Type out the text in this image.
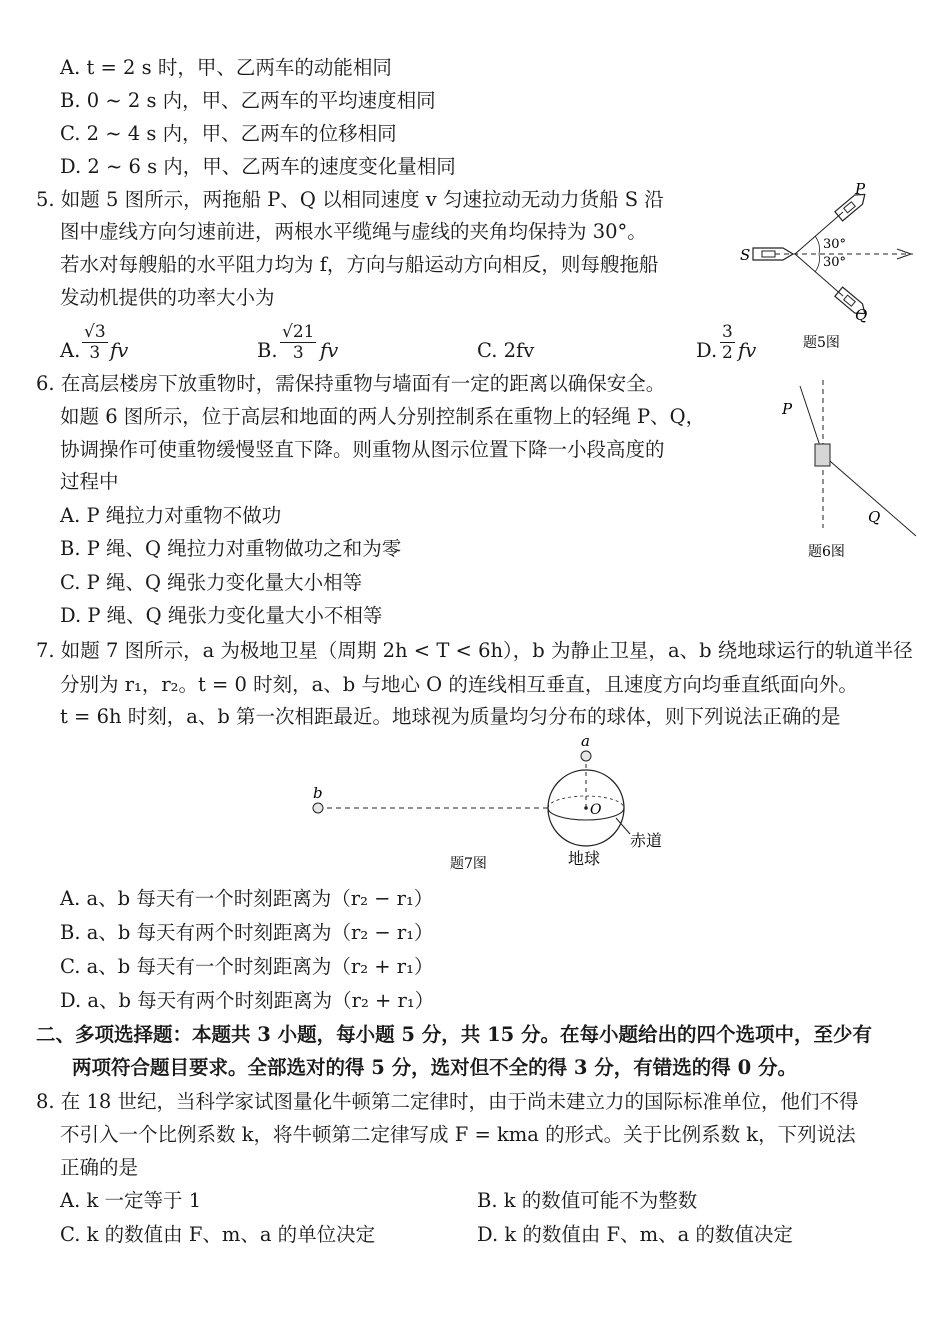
A. t = 2 s 时，甲、乙两车的动能相同
B. 0 ~ 2 s 内，甲、乙两车的平均速度相同
C. 2 ~ 4 s 内，甲、乙两车的位移相同
D. 2 ~ 6 s 内，甲、乙两车的速度变化量相同
5. 如题 5 图所示，两拖船 P、Q 以相同速度 v 匀速拉动无动力货船 S 沿
图中虚线方向匀速前进，两根水平缆绳与虚线的夹角均保持为 30°。
若水对每艘船的水平阻力均为 f，方向与船运动方向相反，则每艘拖船
发动机提供的功率大小为
A. $\frac{√3}{3}$ fv	B. $\frac{√21}{3}$ fv	C. 2fv	D. $\frac{3}{2}$ fv
P
Q
S
30°
30°
题5图
6. 在高层楼房下放重物时，需保持重物与墙面有一定的距离以确保安全。
如题 6 图所示，位于高层和地面的两人分别控制系在重物上的轻绳 P、Q，
协调操作可使重物缓慢竖直下降。则重物从图示位置下降一小段高度的
过程中
A. P 绳拉力对重物不做功
B. P 绳、Q 绳拉力对重物做功之和为零
C. P 绳、Q 绳张力变化量大小相等
D. P 绳、Q 绳张力变化量大小不相等
P
Q
题6图
7. 如题 7 图所示，a 为极地卫星（周期 2h < T < 6h），b 为静止卫星，a、b 绕地球运行的轨道半径
分别为 r₁，r₂。t = 0 时刻，a、b 与地心 O 的连线相互垂直，且速度方向均垂直纸面向外。
t = 6h 时刻，a、b 第一次相距最近。地球视为质量均匀分布的球体，则下列说法正确的是
a
b
O
赤道
地球
题7图
A. a、b 每天有一个时刻距离为（r₂ − r₁）
B. a、b 每天有两个时刻距离为（r₂ − r₁）
C. a、b 每天有一个时刻距离为（r₂ + r₁）
D. a、b 每天有两个时刻距离为（r₂ + r₁）
二、多项选择题：本题共 3 小题，每小题 5 分，共 15 分。在每小题给出的四个选项中，至少有
两项符合题目要求。全部选对的得 5 分，选对但不全的得 3 分，有错选的得 0 分。
8. 在 18 世纪，当科学家试图量化牛顿第二定律时，由于尚未建立力的国际标准单位，他们不得
不引入一个比例系数 k，将牛顿第二定律写成 F = kma 的形式。关于比例系数 k，下列说法
正确的是
A. k 一定等于 1	B. k 的数值可能不为整数
C. k 的数值由 F、m、a 的单位决定	D. k 的数值由 F、m、a 的数值决定
